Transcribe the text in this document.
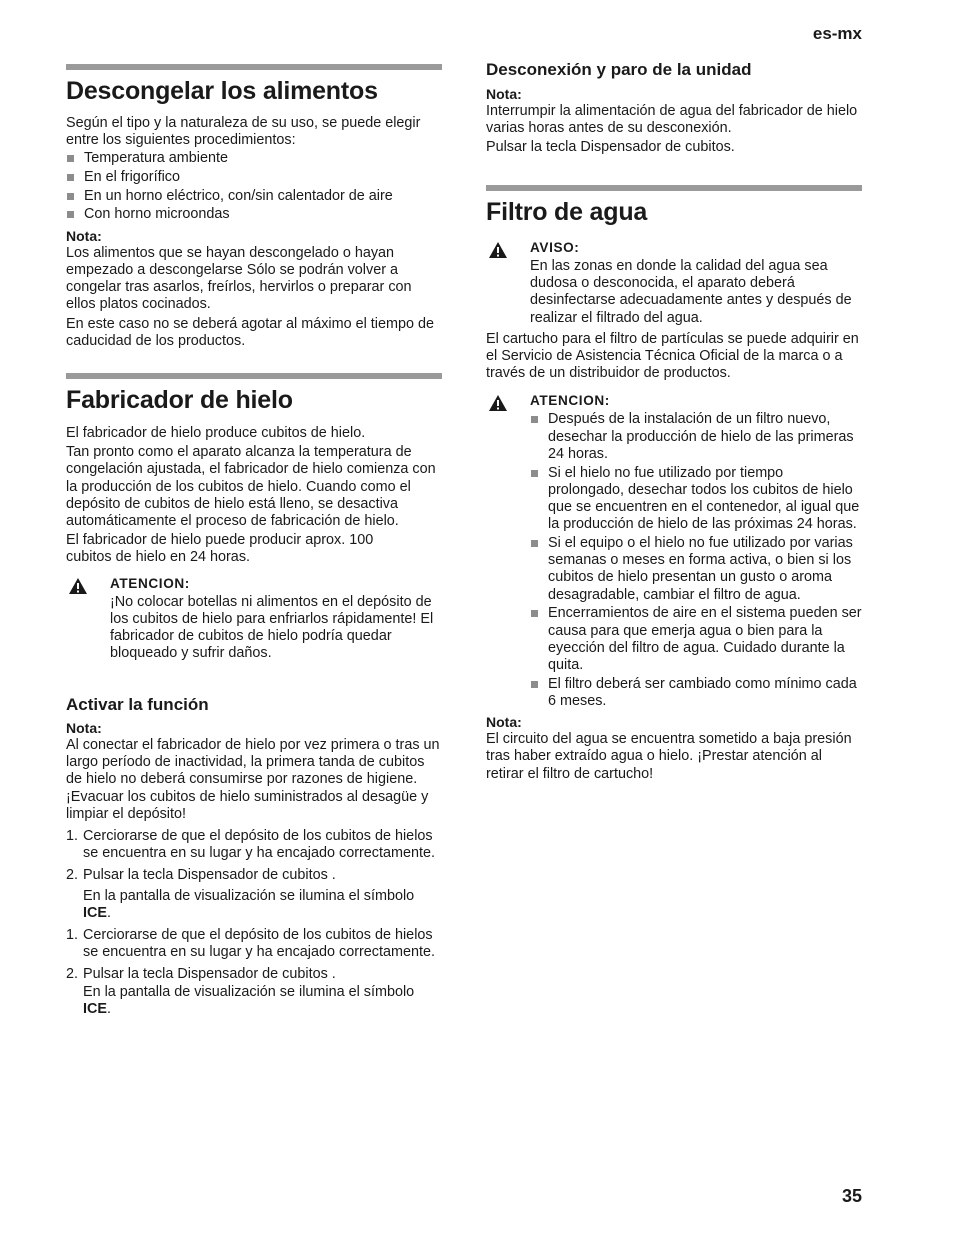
es-mx
Descongelar los alimentos

Según el tipo y la naturaleza de su uso, se puede elegir entre los siguientes procedimientos:

Temperatura ambiente
En el frigorífico
En un horno eléctrico, con/sin calentador de aire
Con horno microondas

Nota:

Los alimentos que se hayan descongelado o hayan empezado a descongelarse Sólo se podrán volver a congelar tras asarlos, freírlos, hervirlos o preparar con ellos platos cocinados.

En este caso no se deberá agotar al máximo el tiempo de caducidad de los productos.

Fabricador de hielo

El fabricador de hielo produce cubitos de hielo.

Tan pronto como el aparato alcanza la temperatura de congelación ajustada, el fabricador de hielo comienza con la producción de los cubitos de hielo. Cuando como el depósito de cubitos de hielo está lleno, se desactiva automáticamente el proceso de fabricación de hielo.

El fabricador de hielo puede producir aprox. 100 cubitos de hielo en 24 horas.

ATENCION:

¡No colocar botellas ni alimentos en el depósito de los cubitos de hielo para enfriarlos rápidamente! El fabricador de cubitos de hielo podría quedar bloqueado y sufrir daños.

Activar la función

Nota:

Al conectar el fabricador de hielo por vez primera o tras un largo período de inactividad, la primera tanda de cubitos de hielo no deberá consumirse por razones de higiene. ¡Evacuar los cubitos de hielo suministrados al desagüe y limpiar el depósito!

1. Cerciorarse de que el depósito de los cubitos de hielos se encuentra en su lugar y ha encajado correctamente.
2. Pulsar la tecla Dispensador de cubitos .
En la pantalla de visualización se ilumina el símbolo ICE.
1. Cerciorarse de que el depósito de los cubitos de hielos se encuentra en su lugar y ha encajado correctamente.
2. Pulsar la tecla Dispensador de cubitos .
En la pantalla de visualización se ilumina el símbolo ICE.
Desconexión y paro de la unidad

Nota:

Interrumpir la alimentación de agua del fabricador de hielo varias horas antes de su desconexión.

Pulsar la tecla Dispensador de cubitos.

Filtro de agua
AVISO:

En las zonas en donde la calidad del agua sea dudosa o desconocida, el aparato deberá desinfectarse adecuadamente antes y después de realizar el filtrado del agua.

El cartucho para el filtro de partículas se puede adquirir en el Servicio de Asistencia Técnica Oficial de la marca o a través de un distribuidor de productos.

ATENCION:
Después de la instalación de un filtro nuevo, desechar la producción de hielo de las primeras 24 horas.
Si el hielo no fue utilizado por tiempo prolongado, desechar todos los cubitos de hielo que se encuentren en el contenedor, al igual que la producción de hielo de las próximas 24 horas.
Si el equipo o el hielo no fue utilizado por varias semanas o meses en forma activa, o bien si los cubitos de hielo presentan un gusto o aroma desagradable, cambiar el filtro de agua.
Encerramientos de aire en el sistema pueden ser causa para que emerja agua o bien para la eyección del filtro de agua. Cuidado durante la quita.
El filtro deberá ser cambiado como mínimo cada 6 meses.

Nota:

El circuito del agua se encuentra sometido a baja presión tras haber extraído agua o hielo. ¡Prestar atención al retirar el filtro de cartucho!

35
